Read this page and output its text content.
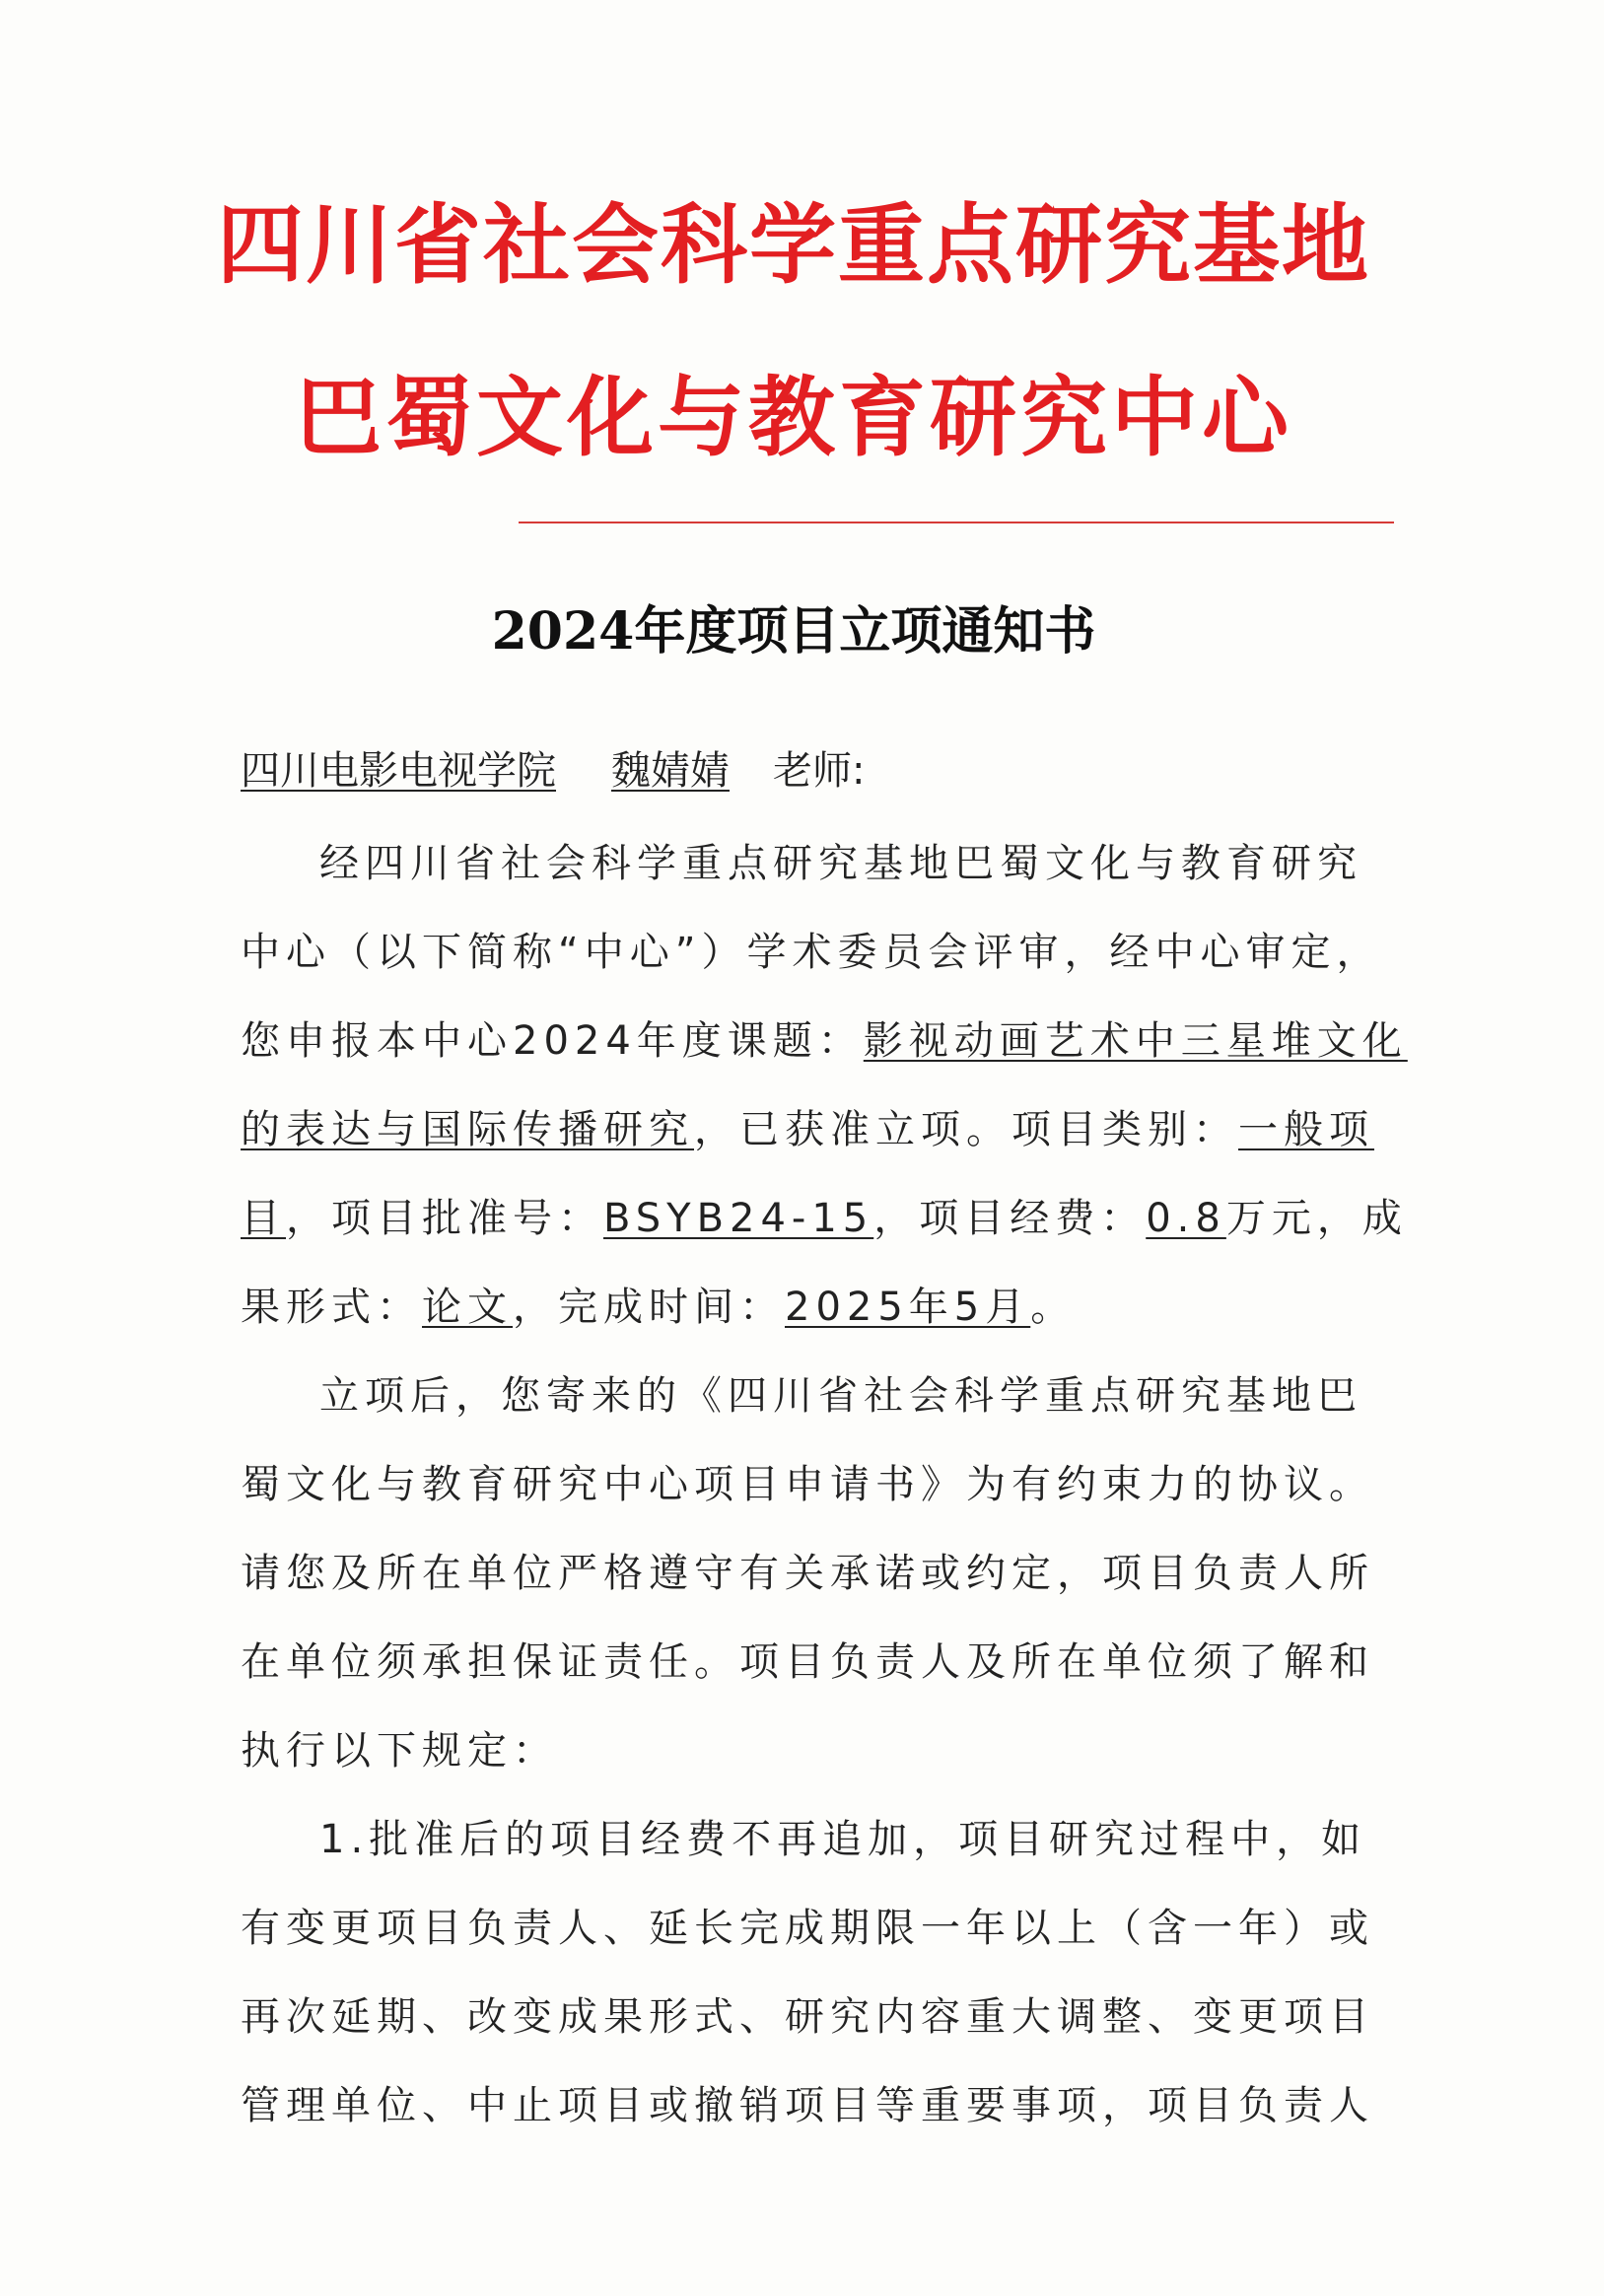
四川省社会科学重点研究基地
巴蜀文化与教育研究中心
2024年度项目立项通知书
四川电影电视学院 魏婧婧 老师:
经四川省社会科学重点研究基地巴蜀文化与教育研究
中心（以下简称“中心”）学术委员会评审，经中心审定，
您申报本中心2024年度课题：影视动画艺术中三星堆文化
的表达与国际传播研究，已获准立项。项目类别：一般项
目，项目批准号：BSYB24-15，项目经费：0.8万元，成
果形式：论文，完成时间：2025年5月。
立项后，您寄来的《四川省社会科学重点研究基地巴
蜀文化与教育研究中心项目申请书》为有约束力的协议。
请您及所在单位严格遵守有关承诺或约定，项目负责人所
在单位须承担保证责任。项目负责人及所在单位须了解和
执行以下规定：
1.批准后的项目经费不再追加，项目研究过程中，如
有变更项目负责人、延长完成期限一年以上（含一年）或
再次延期、改变成果形式、研究内容重大调整、变更项目
管理单位、中止项目或撤销项目等重要事项，项目负责人
